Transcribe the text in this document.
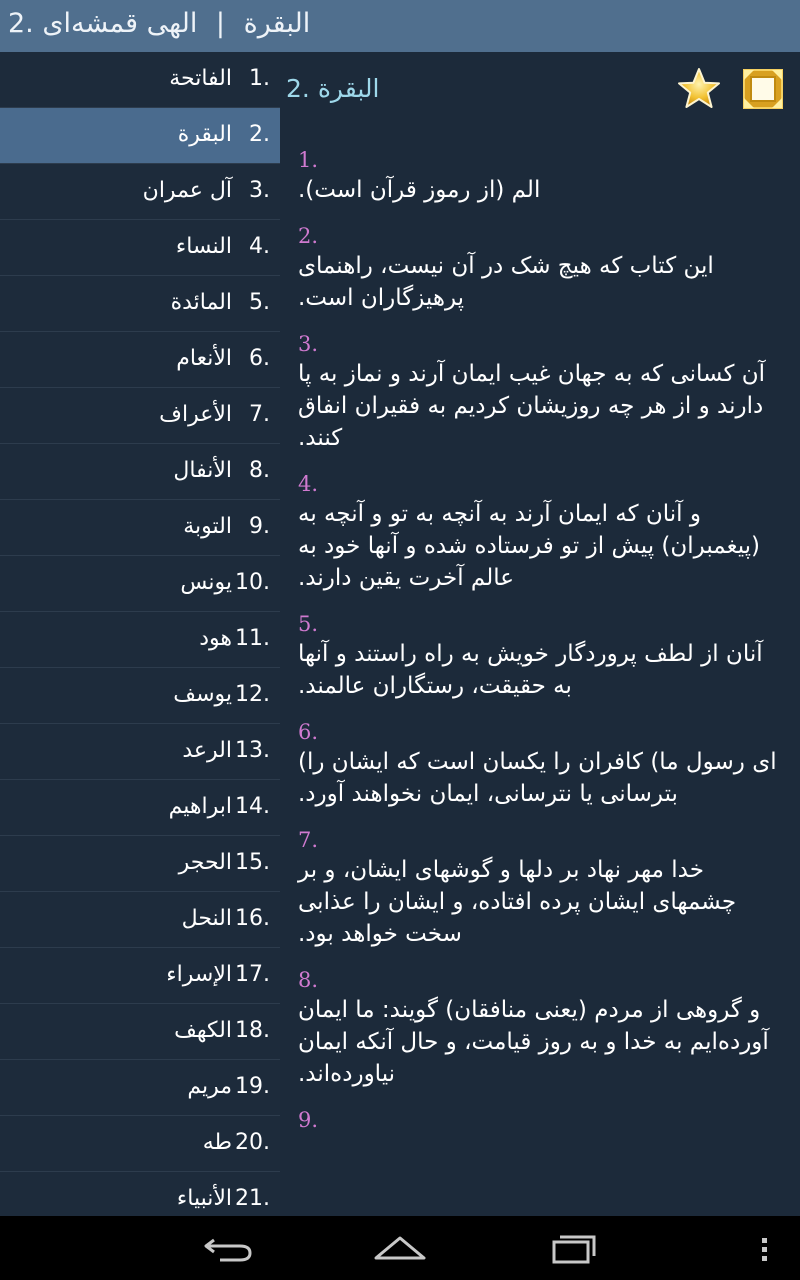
2. البقرة | الهی قمشه‌ای
1.
الفاتحة
2.
البقرة
3.
آل عمران
4.
النساء
5.
المائدة
6.
الأنعام
7.
الأعراف
8.
الأنفال
9.
التوبة
10.
يونس
11.
هود
12.
يوسف
13.
الرعد
14.
ابراهيم
15.
الحجر
16.
النحل
17.
الإسراء
18.
الكهف
19.
مريم
20.
طه
21.
الأنبياء
2. البقرة
1.
الم (از رموز قرآن است).
2.
این کتاب که هیچ شک در آن نیست، راهنمای پرهیزگاران است.
3.
آن کسانی که به جهان غیب ایمان آرند و نماز به پا دارند و از هر چه روزیشان کردیم به فقیران انفاق کنند.
4.
و آنان که ایمان آرند به آنچه به تو و آنچه به (پیغمبران) پیش از تو فرستاده شده و آنها خود به عالم آخرت یقین دارند.
5.
آنان از لطف پروردگار خویش به راه راستند و آنها به حقیقت، رستگاران عالمند.
6.
ای رسول ما) کافران را یکسان است که ایشان را) بترسانی یا نترسانی، ایمان نخواهند آورد.
7.
خدا مهر نهاد بر دلها و گوشهای ایشان، و بر چشمهای ایشان پرده افتاده، و ایشان را عذابی سخت خواهد بود.
8.
و گروهی از مردم (یعنی منافقان) گویند: ما ایمان آورده‌ایم به خدا و به روز قیامت، و حال آنکه ایمان نیاورده‌اند.
9.
